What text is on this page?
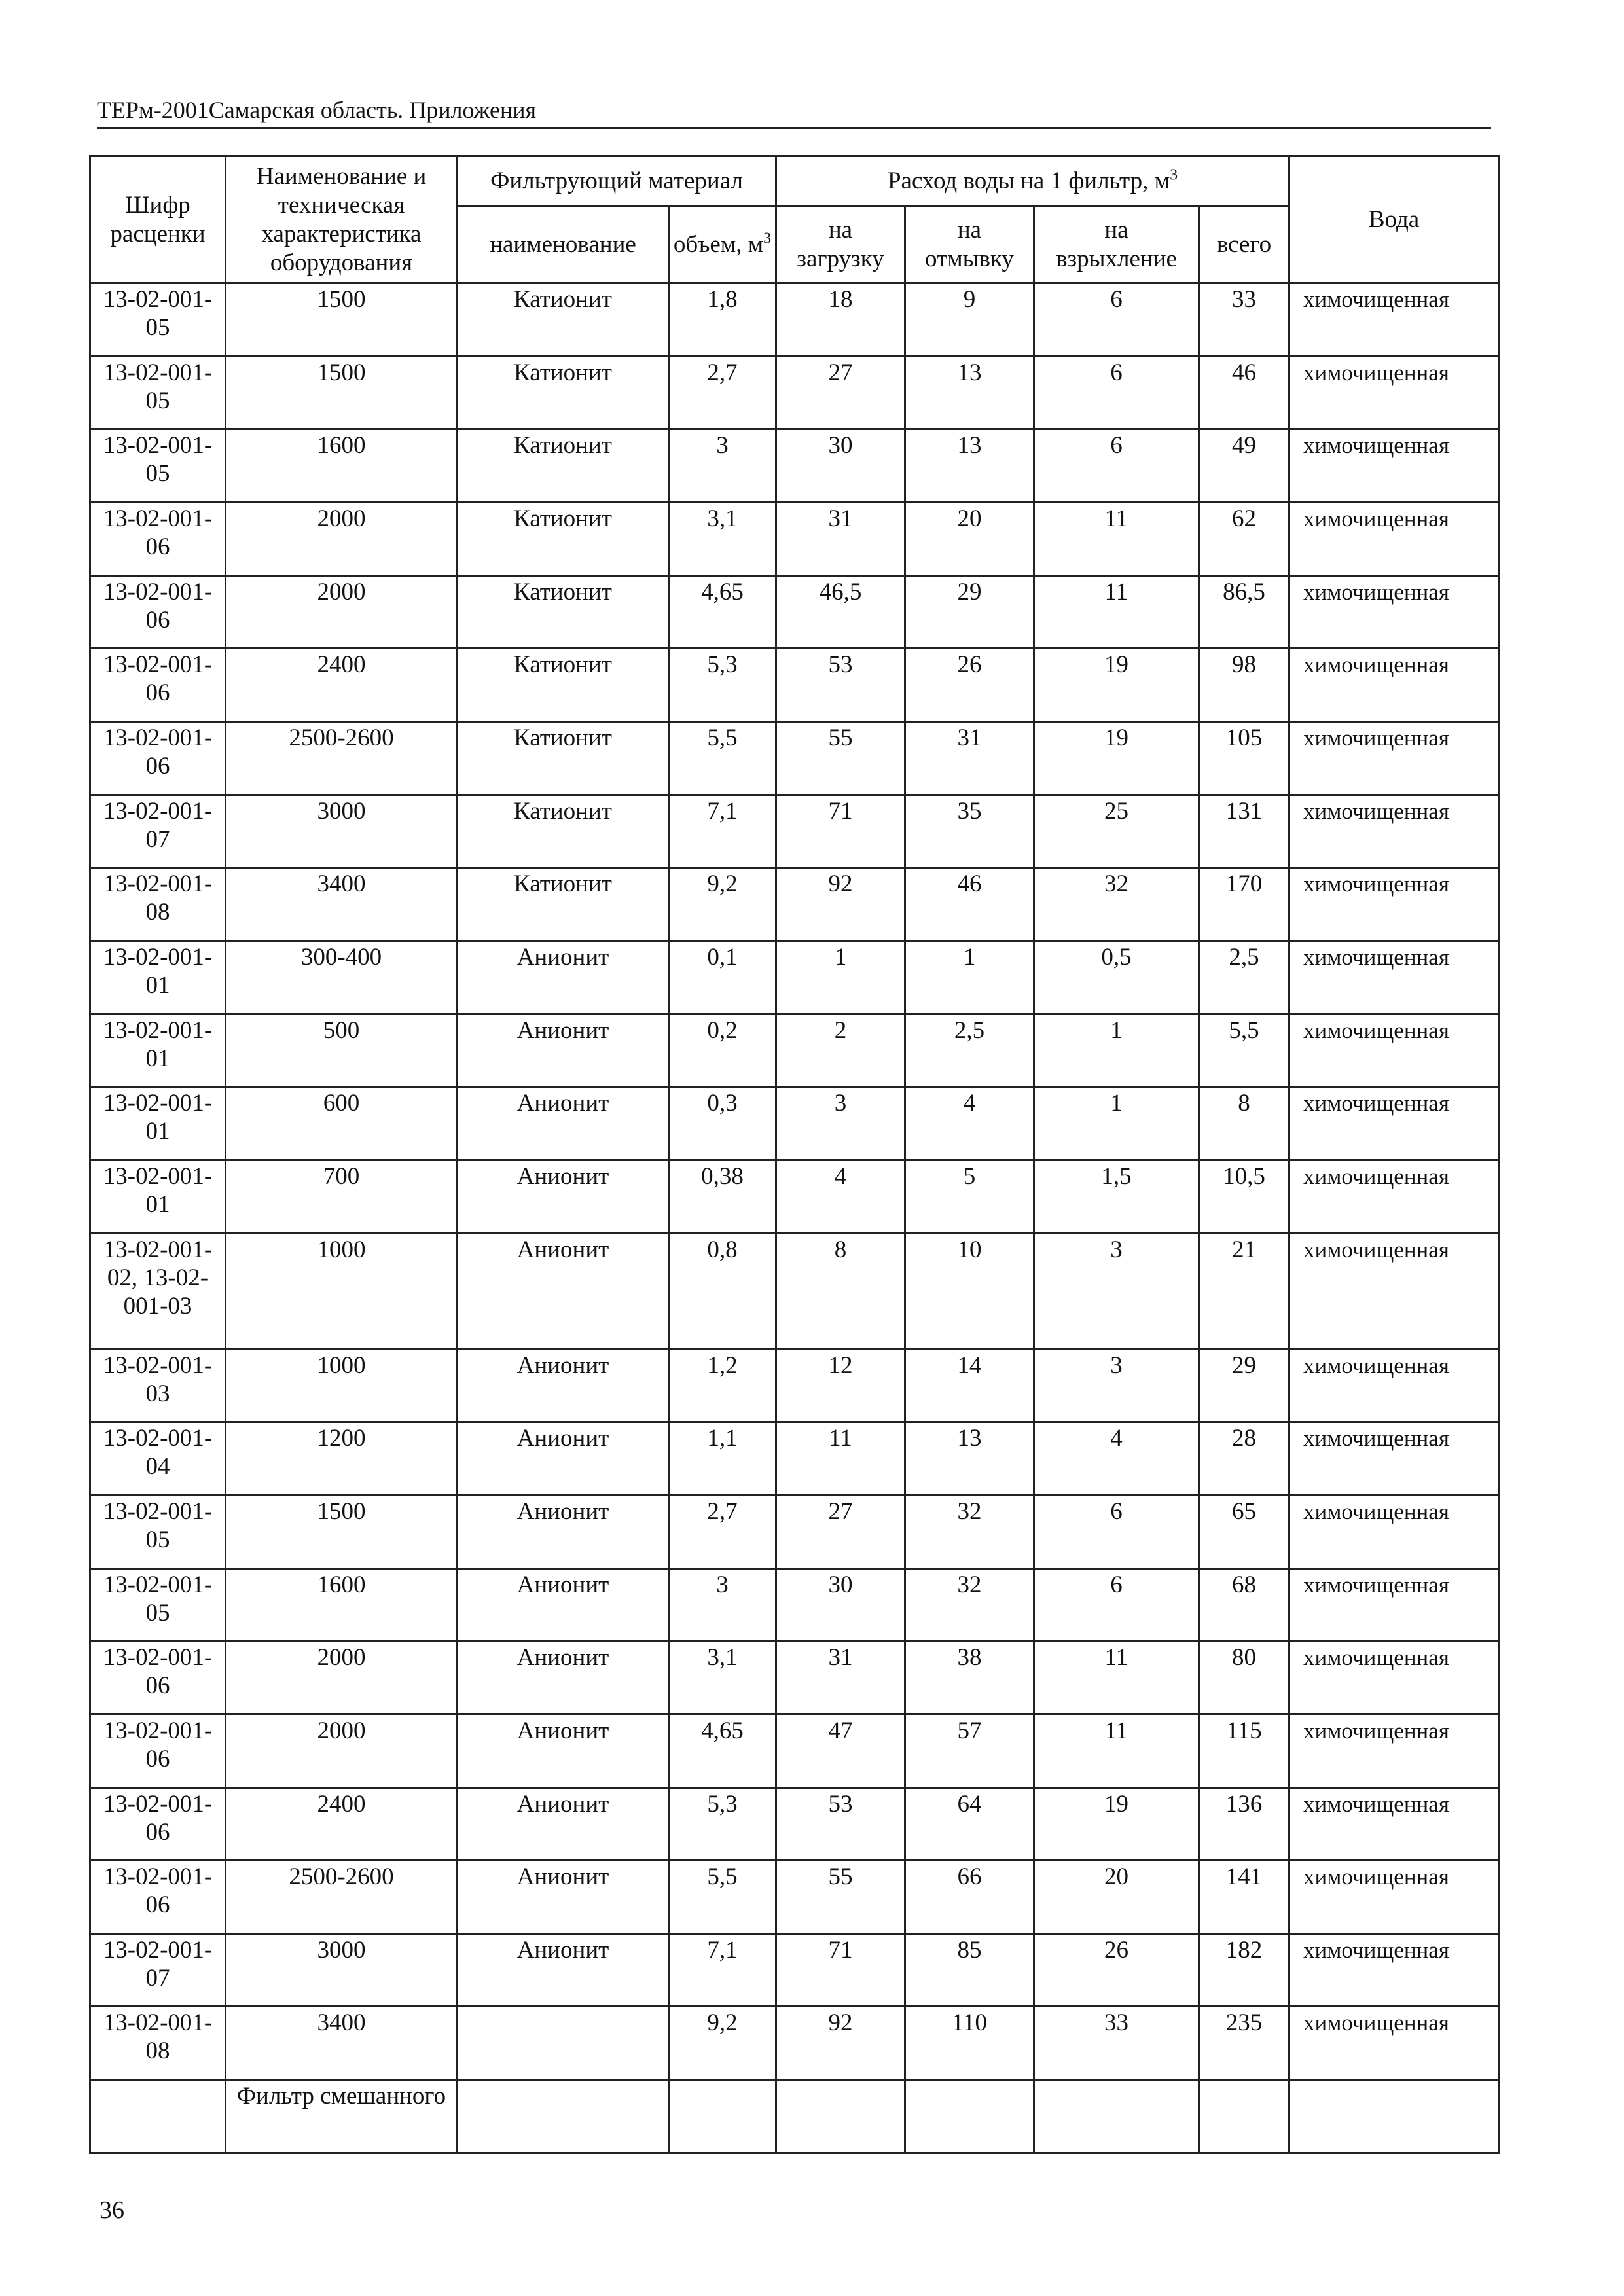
ТЕРм-2001Самарская область. Приложения
Шифр расценки	Наименование и техническая характеристика оборудования	Фильтрующий материал		Расход воды на 1 фильтр, $м^3$				Вода
		наименование	объем, $м^3$	на загрузку	на отмывку	на взрыхление	всего	
13-02-001-05	1500	Катионит	1,8	18	9	6	33	химочищенная
13-02-001-05	1500	Катионит	2,7	27	13	6	46	химочищенная
13-02-001-05	1600	Катионит	3	30	13	6	49	химочищенная
13-02-001-06	2000	Катионит	3,1	31	20	11	62	химочищенная
13-02-001-06	2000	Катионит	4,65	46,5	29	11	86,5	химочищенная
13-02-001-06	2400	Катионит	5,3	53	26	19	98	химочищенная
13-02-001-06	2500-2600	Катионит	5,5	55	31	19	105	химочищенная
13-02-001-07	3000	Катионит	7,1	71	35	25	131	химочищенная
13-02-001-08	3400	Катионит	9,2	92	46	32	170	химочищенная
13-02-001-01	300-400	Анионит	0,1	1	1	0,5	2,5	химочищенная
13-02-001-01	500	Анионит	0,2	2	2,5	1	5,5	химочищенная
13-02-001-01	600	Анионит	0,3	3	4	1	8	химочищенная
13-02-001-01	700	Анионит	0,38	4	5	1,5	10,5	химочищенная
13-02-001-02, 13-02-001-03	1000	Анионит	0,8	8	10	3	21	химочищенная
13-02-001-03	1000	Анионит	1,2	12	14	3	29	химочищенная
13-02-001-04	1200	Анионит	1,1	11	13	4	28	химочищенная
13-02-001-05	1500	Анионит	2,7	27	32	6	65	химочищенная
13-02-001-05	1600	Анионит	3	30	32	6	68	химочищенная
13-02-001-06	2000	Анионит	3,1	31	38	11	80	химочищенная
13-02-001-06	2000	Анионит	4,65	47	57	11	115	химочищенная
13-02-001-06	2400	Анионит	5,3	53	64	19	136	химочищенная
13-02-001-06	2500-2600	Анионит	5,5	55	66	20	141	химочищенная
13-02-001-07	3000	Анионит	7,1	71	85	26	182	химочищенная
13-02-001-08	3400		9,2	92	110	33	235	химочищенная
	Фильтр смешанного							
36
